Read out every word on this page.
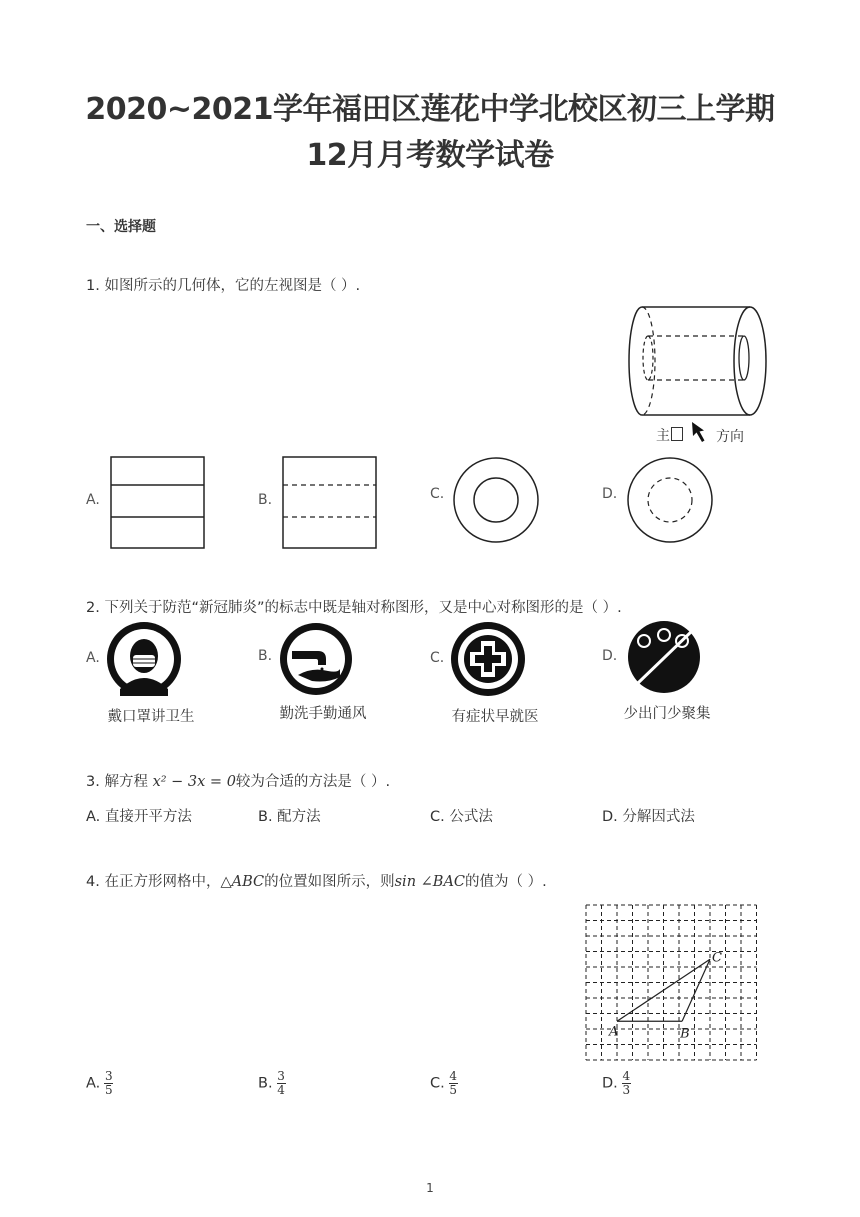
2020~2021学年福田区莲花中学北校区初三上学期
12月月考数学试卷
一、选择题
1. 如图所示的几何体，它的左视图是（ ）.
主	方向
A.	B.	C.	D.
2. 下列关于防范“新冠肺炎”的标志中既是轴对称图形，又是中心对称图形的是（ ）.
A.
戴口罩讲卫生
B.
勤洗手勤通风
C.
有症状早就医
D.
少出门少聚集
3. 解方程 x² − 3x = 0较为合适的方法是（ ）.
A. 直接开平方法	B. 配方法	C. 公式法	D. 分解因式法
4. 在正方形网格中，△ABC的位置如图所示，则sin ∠BAC的值为（ ）.
A	B
C
A. $\frac{3}{5}$	B. $\frac{3}{4}$	C. $\frac{4}{5}$	D. $\frac{4}{3}$
1
